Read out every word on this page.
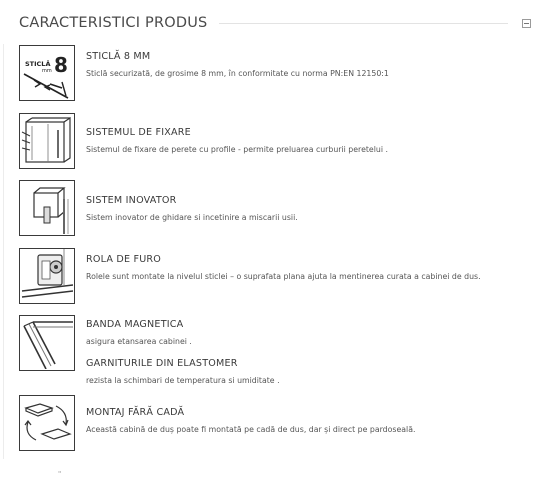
CARACTERISTICI PRODUS
STICLĂ
mm 8 STICLĂ 8 MM
Sticlă securizată, de grosime 8 mm, în conformitate cu norma PN:EN 12150:1
SISTEMUL DE FIXARE
Sistemul de fixare de perete cu profile - permite preluarea curburii peretelui .
SISTEM INOVATOR
Sistem inovator de ghidare si incetinire a miscarii usii.
ROLA DE FURO
Rolele sunt montate la nivelul sticlei – o suprafata plana ajuta la mentinerea curata a cabinei de dus.
BANDA MAGNETICA
asigura etansarea cabinei .
GARNITURILE DIN ELASTOMER
rezista la schimbari de temperatura si umiditate .
MONTAJ FĂRĂ CADĂ
Această cabină de duș poate fi montată pe cadă de dus, dar și direct pe pardoseală.
"
